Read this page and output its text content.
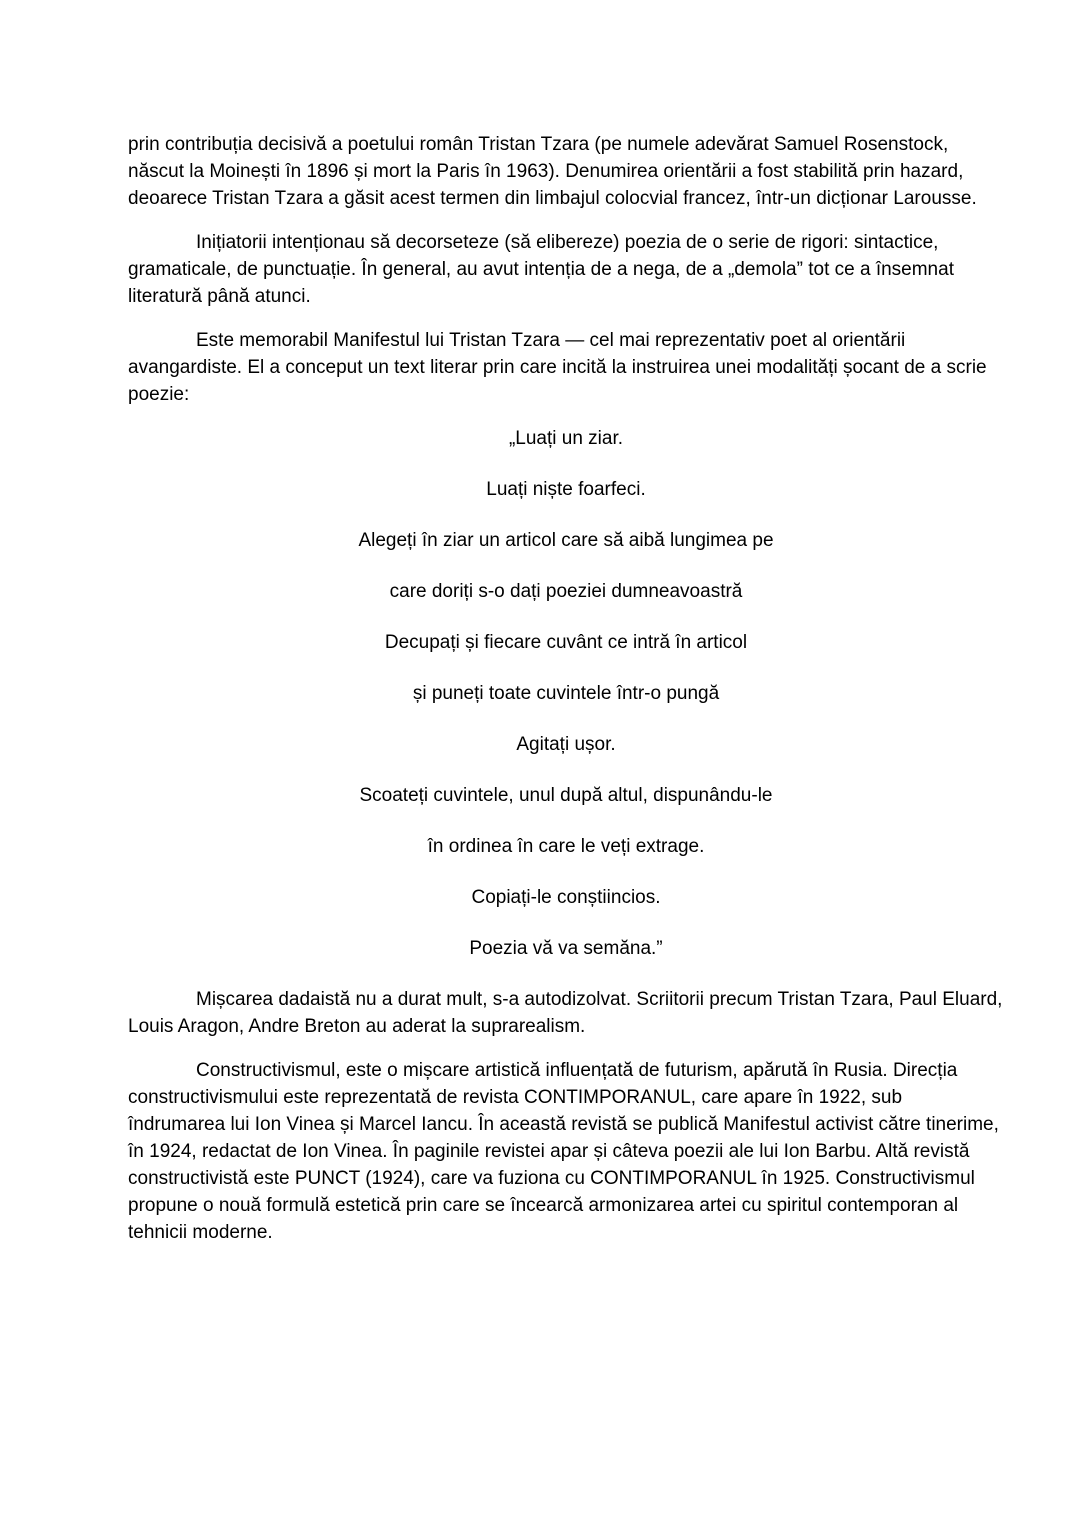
prin contribuția decisivă a poetului român Tristan Tzara (pe numele adevărat Samuel Rosenstock, născut la Moinești în 1896 și mort la Paris în 1963). Denumirea orientării a fost stabilită prin hazard, deoarece Tristan Tzara a găsit acest termen din limbajul colocvial francez, într-un dicționar Larousse.

Inițiatorii intenționau să decorseteze (să elibereze) poezia de o serie de rigori: sintactice, gramaticale, de punctuație. În general, au avut intenția de a nega, de a „demola” tot ce a însemnat literatură până atunci.

Este memorabil Manifestul lui Tristan Tzara — cel mai reprezentativ poet al orientării avangardiste. El a conceput un text literar prin care incită la instruirea unei modalități șocant de a scrie poezie:

„Luați un ziar.

Luați niște foarfeci.

Alegeți în ziar un articol care să aibă lungimea pe

care doriți s-o dați poeziei dumneavoastră

Decupați și fiecare cuvânt ce intră în articol

și puneți toate cuvintele într-o pungă

Agitați ușor.

Scoateți cuvintele, unul după altul, dispunându-le

în ordinea în care le veți extrage.

Copiați-le conștiincios.

Poezia vă va semăna.”

Mișcarea dadaistă nu a durat mult, s-a autodizolvat. Scriitorii precum Tristan Tzara, Paul Eluard, Louis Aragon, Andre Breton au aderat la suprarealism.

Constructivismul, este o mișcare artistică influențată de futurism, apărută în Rusia. Direcția constructivismului este reprezentată de revista CONTIMPORANUL, care apare în 1922, sub îndrumarea lui Ion Vinea și Marcel Iancu. În această revistă se publică Manifestul activist către tinerime, în 1924, redactat de Ion Vinea. În paginile revistei apar și câteva poezii ale lui Ion Barbu. Altă revistă constructivistă este PUNCT (1924), care va fuziona cu CONTIMPORANUL în 1925. Constructivismul propune o nouă formulă estetică prin care se încearcă armonizarea artei cu spiritul contemporan al tehnicii moderne.
